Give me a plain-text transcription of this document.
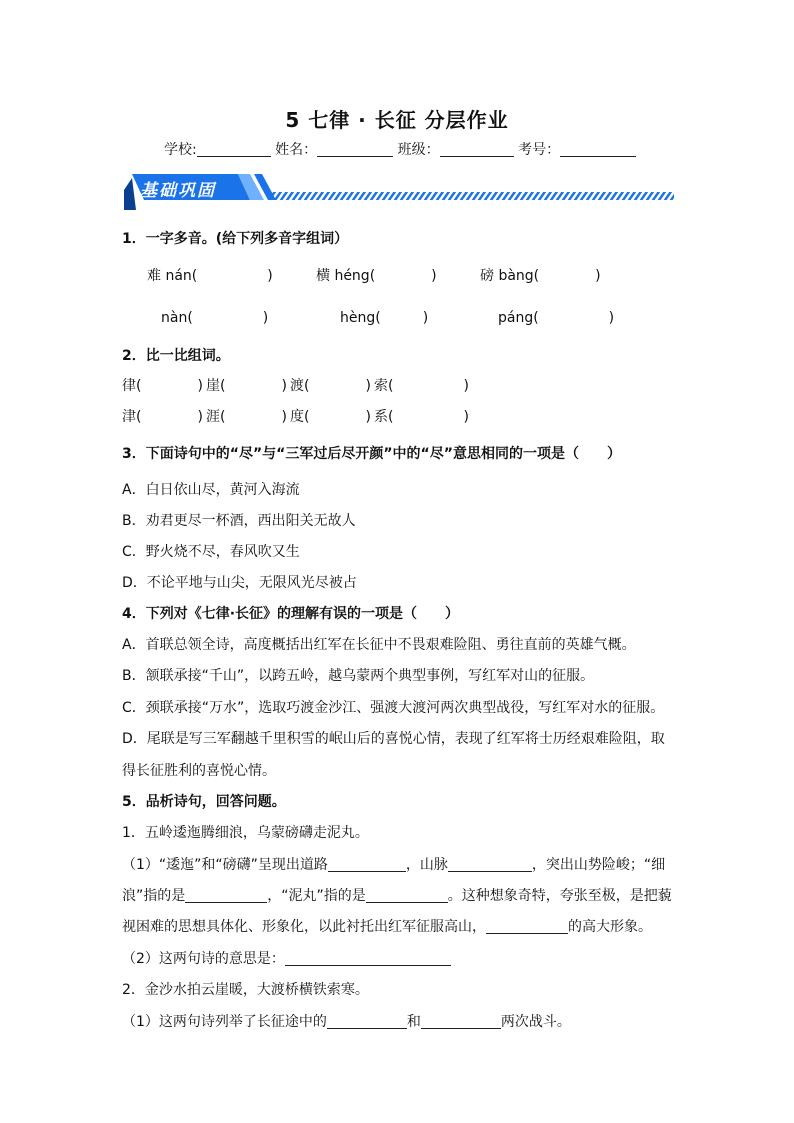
5 七律 · 长征 分层作业
学校:	姓名：	班级：	考号：
基础巩固
1．一字多音。(给下列多音字组词）
难 nán(　　　　　)	横 héng(　　　　)	磅 bàng(　　　　)
nàn(　　　　　)	hèng(　　　)	páng(　　　　　)
2．比一比组词。
律(　　　　) 崖(　　　　) 渡(　　　　) 索(　　　　　)
津(　　　　) 涯(　　　　) 度(　　　　) 系(　　　　　)
3．下面诗句中的“尽”与“三军过后尽开颜”中的“尽”意思相同的一项是（　　）
A．白日依山尽，黄河入海流
B．劝君更尽一杯酒，西出阳关无故人
C．野火烧不尽，春风吹又生
D．不论平地与山尖，无限风光尽被占
4．下列对《七律·长征》的理解有误的一项是（　　）
A．首联总领全诗，高度概括出红军在长征中不畏艰难险阻、勇往直前的英雄气概。
B．颔联承接“千山”，以跨五岭，越乌蒙两个典型事例，写红军对山的征服。
C．颈联承接“万水”，选取巧渡金沙江、强渡大渡河两次典型战役，写红军对水的征服。
D．尾联是写三军翻越千里积雪的岷山后的喜悦心情，表现了红军将士历经艰难险阻，取
得长征胜利的喜悦心情。
5．品析诗句，回答问题。
1．五岭逶迤腾细浪，乌蒙磅礴走泥丸。
（1）“逶迤”和“磅礴”呈现出道路	，山脉	，突出山势险峻；“细
浪”指的是	，“泥丸”指的是	。这种想象奇特，夸张至极，是把藐
视困难的思想具体化、形象化，以此衬托出红军征服高山，	的高大形象。
（2）这两句诗的意思是：
2．金沙水拍云崖暖，大渡桥横铁索寒。
（1）这两句诗列举了长征途中的	和	两次战斗。
